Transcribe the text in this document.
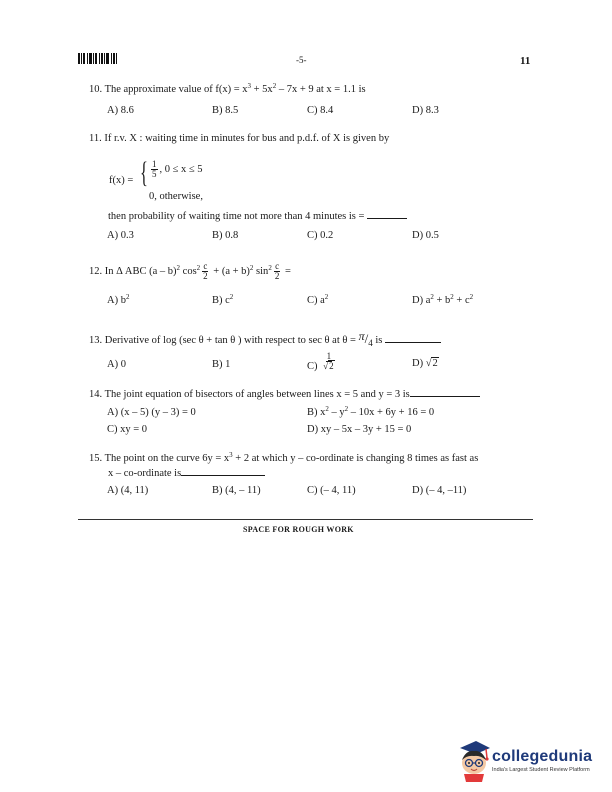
-5-	11
10. The approximate value of $f(x) = x^3 + 5x^2 - 7x + 9$ at x = 1.1 is
A) 8.6	B) 8.5	C) 8.4	D) 8.3
11. If r.v. X : waiting time in minutes for bus and p.d.f. of X is given by
f(x) = { $\frac{1}{5}$ , 0 ≤ x ≤ 5
0, otherwise,
then probability of waiting time not more than 4 minutes is =
A) 0.3	B) 0.8	C) 0.2	D) 0.5
12. In Δ ABC (a – b)$^2$ $\cos^2 \frac{c}{2} + (a + b)^2$ $\sin^2 \frac{c}{2}$ =
A) $b^2$	B) $c^2$	C) $a^2$	D) $a^2 + b^2 + c^2$
13. Derivative of log (sec θ + tan θ ) with respect to sec θ at θ = π/4 is
A) 0	B) 1	$C) \frac{1}{√2}$	D) √2
14. The joint equation of bisectors of angles between lines x = 5 and y = 3 is
A) (x – 5) (y – 3) = 0	B) $x^2 - y^2 - 10x + 6y + 16 = 0$
C) xy = 0	D) xy – 5x – 3y + 15 = 0
15. The point on the curve $6y = x^3 + 2$ at which y – co-ordinate is changing 8 times as fast as
x – co-ordinate is
A) (4, 11)	B) (4, – 11)	C) (– 4, 11)	D) (– 4, –11)
SPACE FOR ROUGH WORK
collegedunia
India's Largest Student Review Platform
